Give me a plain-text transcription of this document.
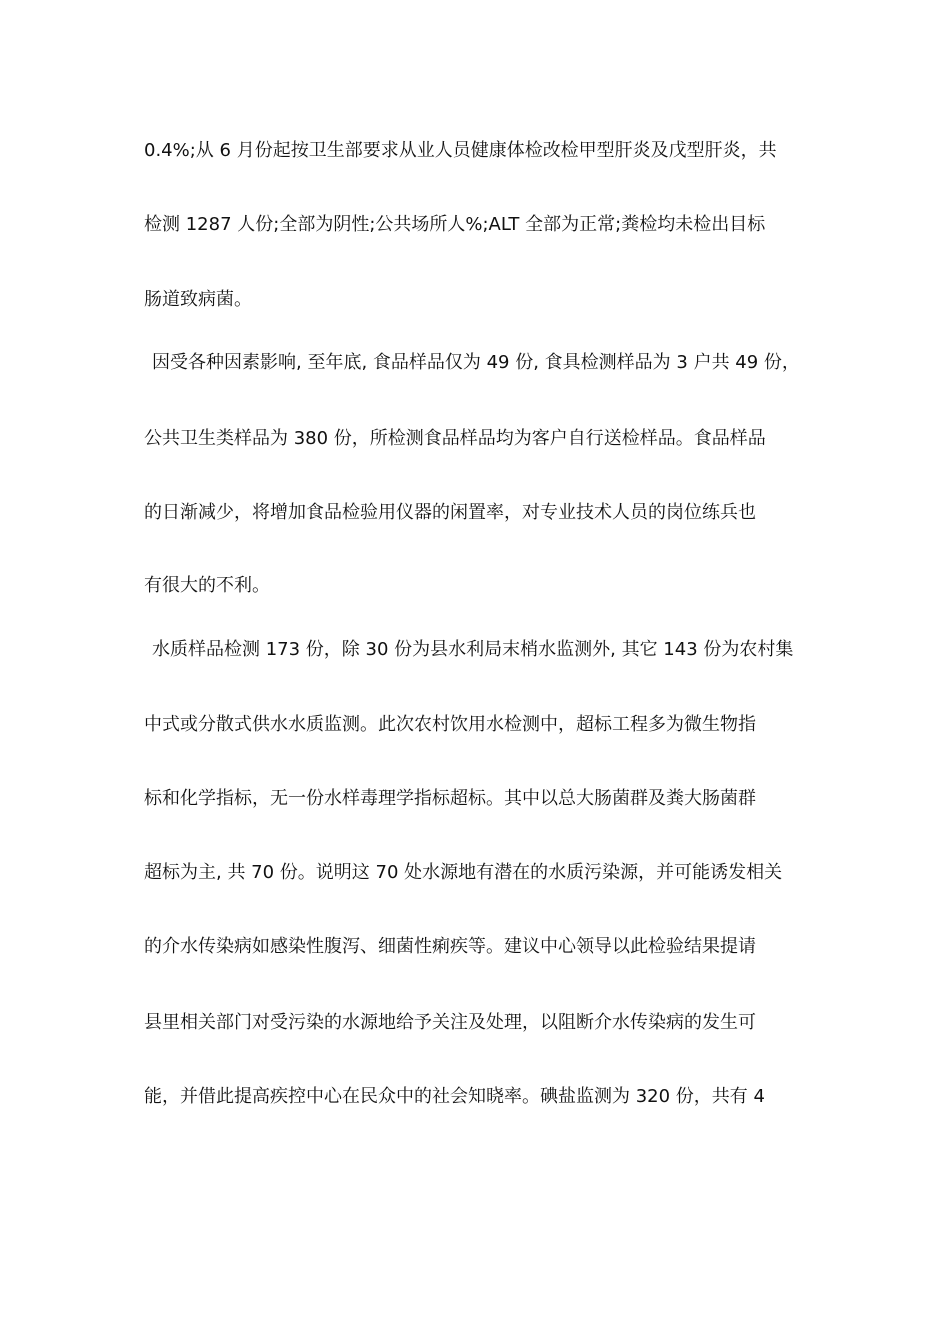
0.4%;从 6 月份起按卫生部要求从业人员健康体检改检甲型肝炎及戊型肝炎，共
检测 1287 人份;全部为阴性;公共场所人%;ALT 全部为正常;粪检均未检出目标
肠道致病菌。
因受各种因素影响, 至年底, 食品样品仅为 49 份, 食具检测样品为 3 户共 49 份，
公共卫生类样品为 380 份，所检测食品样品均为客户自行送检样品。食品样品
的日渐减少，将增加食品检验用仪器的闲置率，对专业技术人员的岗位练兵也
有很大的不利。
水质样品检测 173 份，除 30 份为县水利局末梢水监测外, 其它 143 份为农村集
中式或分散式供水水质监测。此次农村饮用水检测中，超标工程多为微生物指
标和化学指标，无一份水样毒理学指标超标。其中以总大肠菌群及粪大肠菌群
超标为主, 共 70 份。说明这 70 处水源地有潜在的水质污染源，并可能诱发相关
的介水传染病如感染性腹泻、细菌性痢疾等。建议中心领导以此检验结果提请
县里相关部门对受污染的水源地给予关注及处理，以阻断介水传染病的发生可
能，并借此提高疾控中心在民众中的社会知晓率。碘盐监测为 320 份，共有 4
